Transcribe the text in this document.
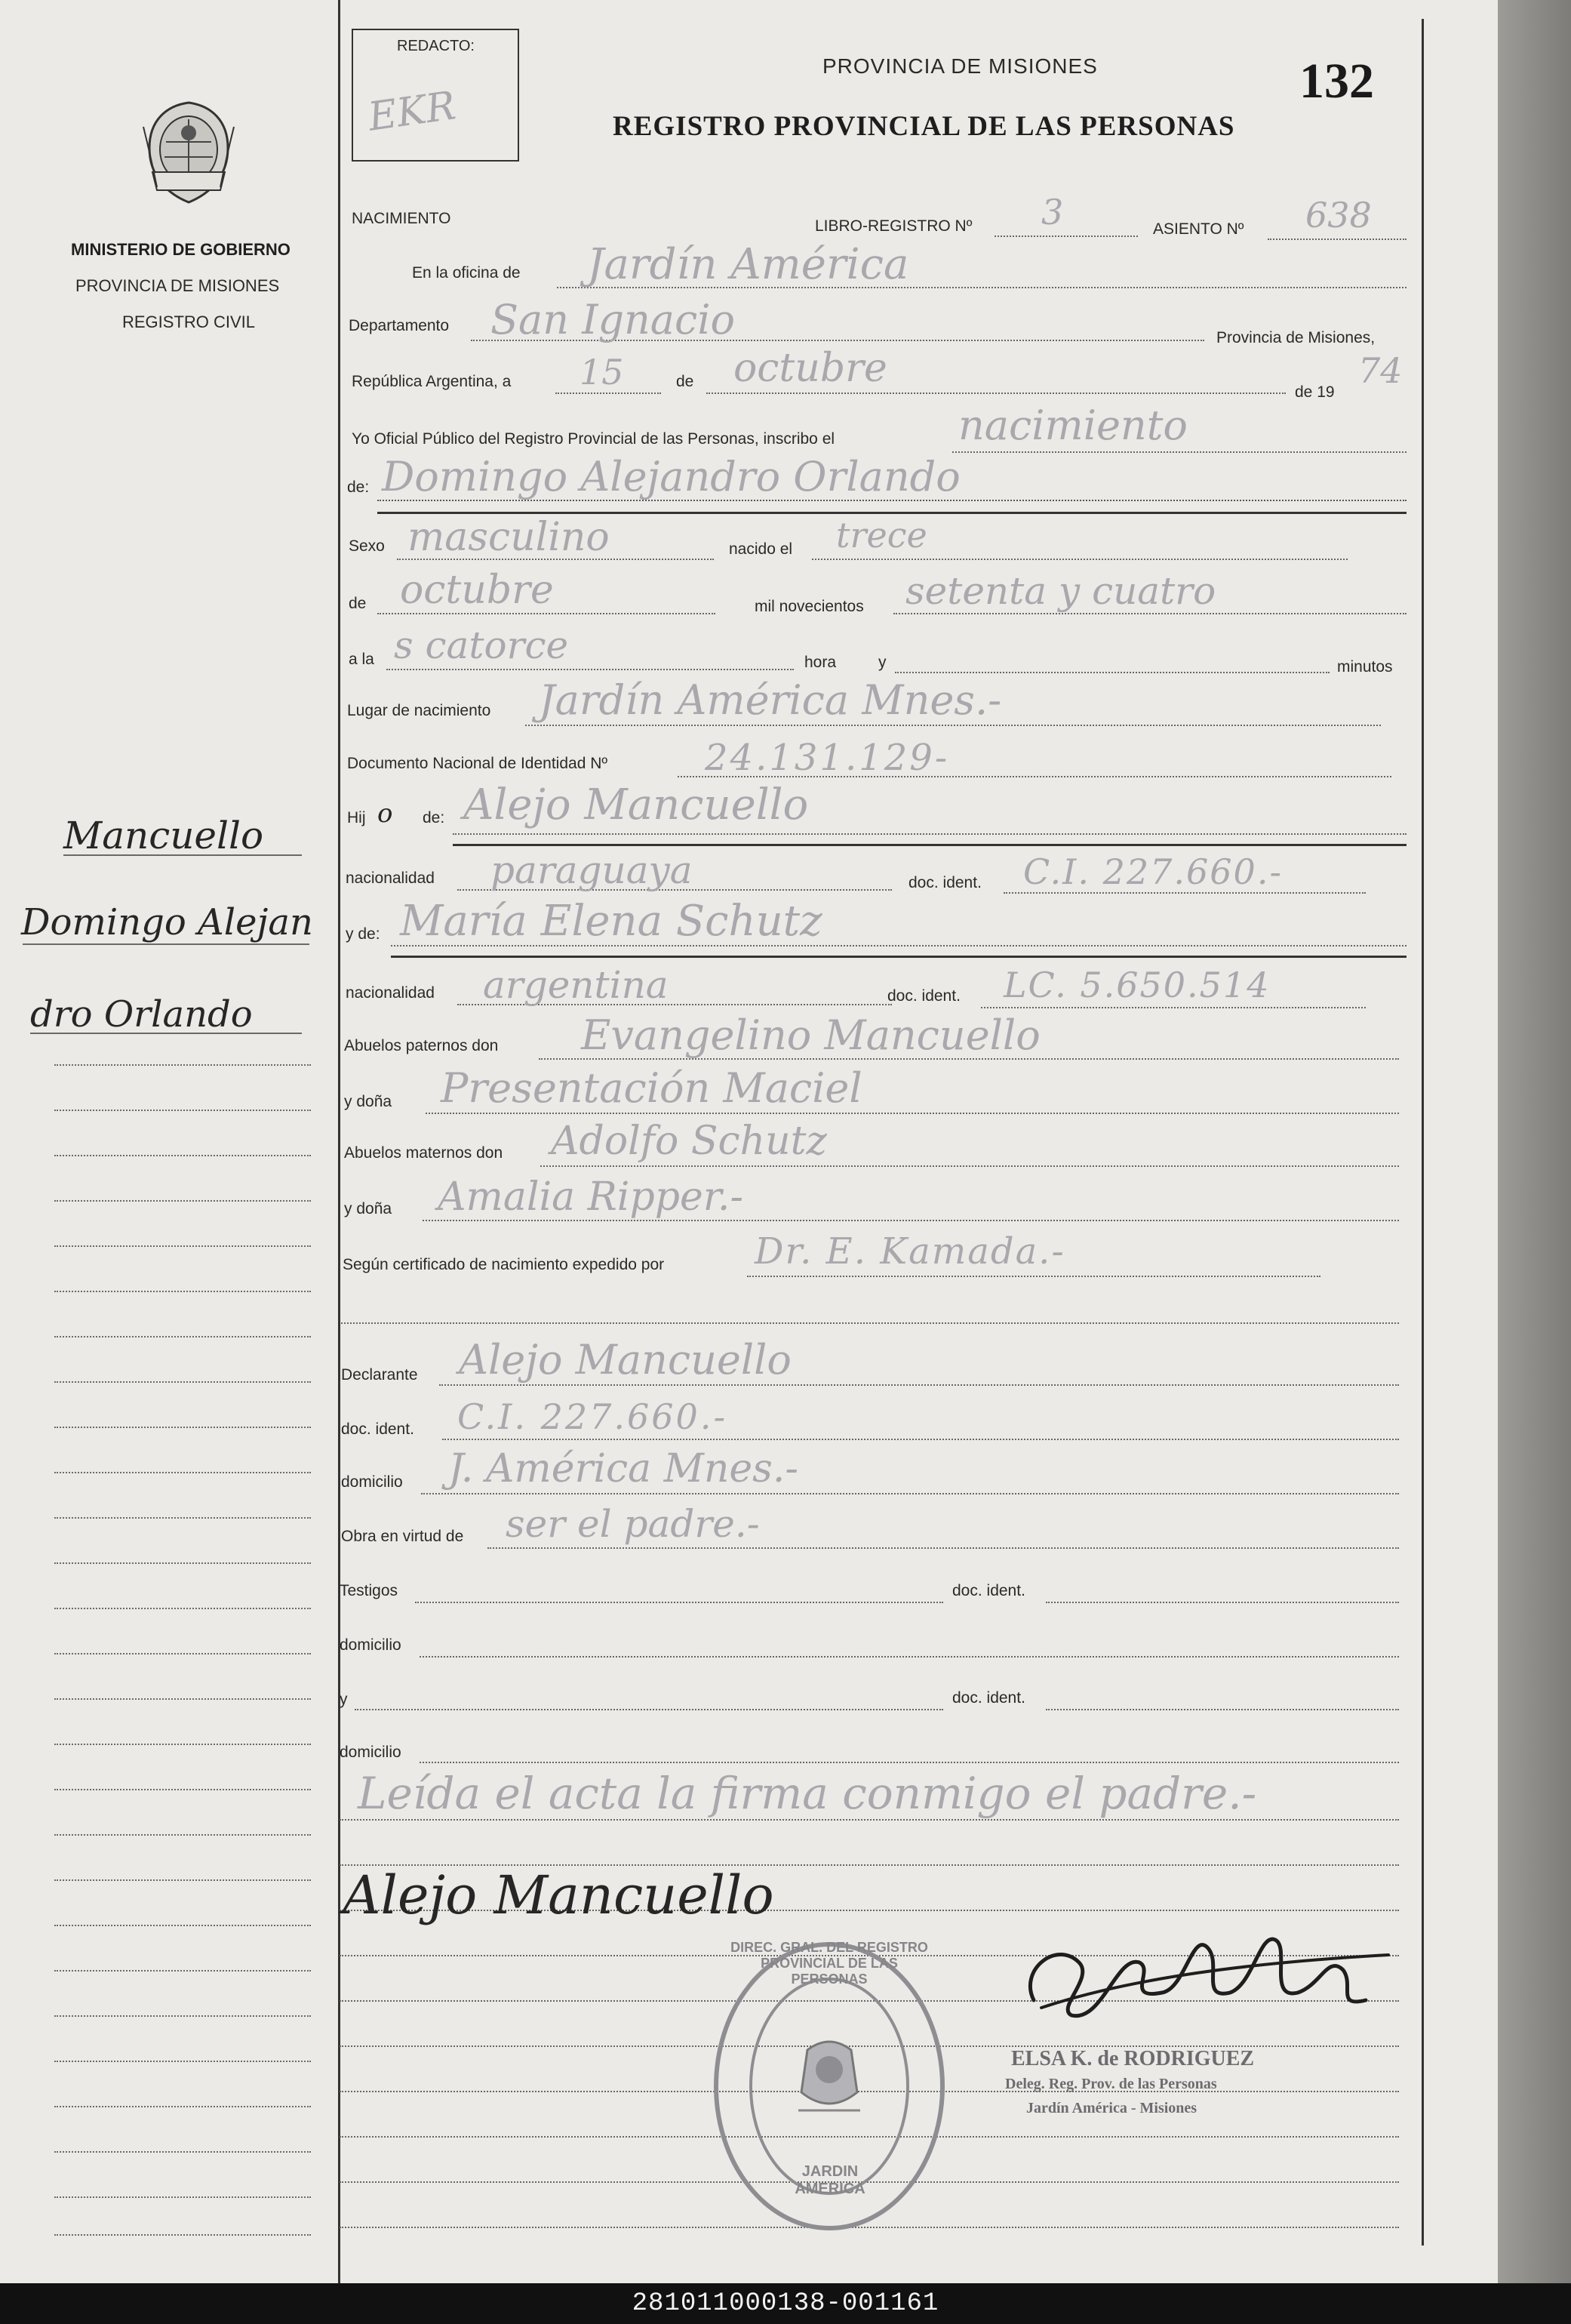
REDACTO:
EKR
PROVINCIA DE MISIONES
REGISTRO PROVINCIAL DE LAS PERSONAS
132
MINISTERIO DE GOBIERNO
PROVINCIA DE MISIONES
REGISTRO CIVIL
Mancuello
Domingo Alejan
dro Orlando
NACIMIENTO	LIBRO-REGISTRO Nº 3	ASIENTO Nº 638
En la oficina de Jardín América
Departamento San Ignacio	Provincia de Misiones,
República Argentina, a 15	de octubre
de 19
74
Yo Oficial Público del Registro Provincial de las Personas, inscribo el	nacimiento
de: Domingo Alejandro Orlando
Sexo masculino	nacido el trece
de octubre	mil novecientos setenta y cuatro
a la s catorce	hora	y	minutos
Lugar de nacimiento Jardín América Mnes.-
Documento Nacional de Identidad Nº	24.131.129-
Hij o de: Alejo Mancuello
nacionalidad paraguaya	doc. ident. C.I. 227.660.-
y de: María Elena Schutz
nacionalidad argentina	doc. ident. LC. 5.650.514
Abuelos paternos don Evangelino Mancuello
y doña Presentación Maciel
Abuelos maternos don Adolfo Schutz
y doña Amalia Ripper.-
Según certificado de nacimiento expedido por Dr. E. Kamada.-
Declarante Alejo Mancuello
doc. ident. C.I. 227.660.-
domicilio J. América Mnes.-
Obra en virtud de ser el padre.-
Testigos	doc. ident.
domicilio
y	doc. ident.
domicilio
Leída el acta la firma conmigo el padre.-
Alejo Mancuello
DIREC. GRAL. DEL REGISTRO PROVINCIAL DE LAS PERSONAS
JARDIN AMERICA
ELSA K. de RODRIGUEZ
Deleg. Reg. Prov. de las Personas
Jardín América - Misiones
281011000138-001161
